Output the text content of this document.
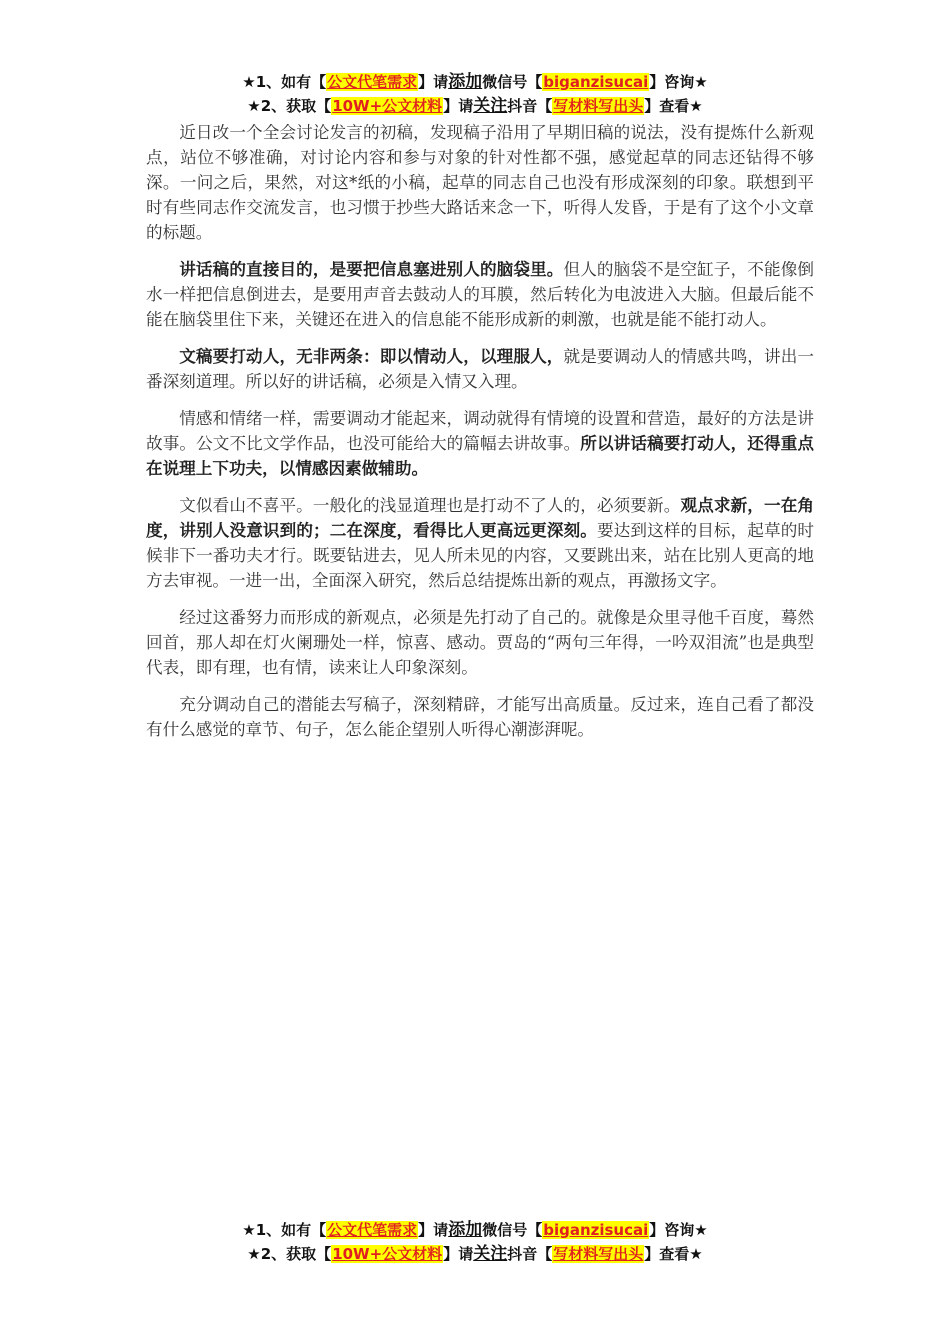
★1、如有【公文代笔需求】请添加微信号【biganzisucai】咨询★
★2、获取【10W+公文材料】请关注抖音【写材料写出头】查看★

近日改一个全会讨论发言的初稿，发现稿子沿用了早期旧稿的说法，没有提炼什么新观点，站位不够准确，对讨论内容和参与对象的针对性都不强，感觉起草的同志还钻得不够深。一问之后，果然，对这*纸的小稿，起草的同志自己也没有形成深刻的印象。联想到平时有些同志作交流发言，也习惯于抄些大路话来念一下，听得人发昏，于是有了这个小文章的标题。

讲话稿的直接目的，是要把信息塞进别人的脑袋里。但人的脑袋不是空缸子，不能像倒水一样把信息倒进去，是要用声音去鼓动人的耳膜，然后转化为电波进入大脑。但最后能不能在脑袋里住下来，关键还在进入的信息能不能形成新的刺激，也就是能不能打动人。

文稿要打动人，无非两条：即以情动人，以理服人，就是要调动人的情感共鸣，讲出一番深刻道理。所以好的讲话稿，必须是入情又入理。

情感和情绪一样，需要调动才能起来，调动就得有情境的设置和营造，最好的方法是讲故事。公文不比文学作品，也没可能给大的篇幅去讲故事。所以讲话稿要打动人，还得重点在说理上下功夫，以情感因素做辅助。

文似看山不喜平。一般化的浅显道理也是打动不了人的，必须要新。观点求新，一在角度，讲别人没意识到的；二在深度，看得比人更高远更深刻。要达到这样的目标，起草的时候非下一番功夫才行。既要钻进去，见人所未见的内容，又要跳出来，站在比别人更高的地方去审视。一进一出，全面深入研究，然后总结提炼出新的观点，再激扬文字。

经过这番努力而形成的新观点，必须是先打动了自己的。就像是众里寻他千百度，蓦然回首，那人却在灯火阑珊处一样，惊喜、感动。贾岛的“两句三年得，一吟双泪流”也是典型代表，即有理，也有情，读来让人印象深刻。

充分调动自己的潜能去写稿子，深刻精辟，才能写出高质量。反过来，连自己看了都没有什么感觉的章节、句子，怎么能企望别人听得心潮澎湃呢。

★1、如有【公文代笔需求】请添加微信号【biganzisucai】咨询★
★2、获取【10W+公文材料】请关注抖音【写材料写出头】查看★
